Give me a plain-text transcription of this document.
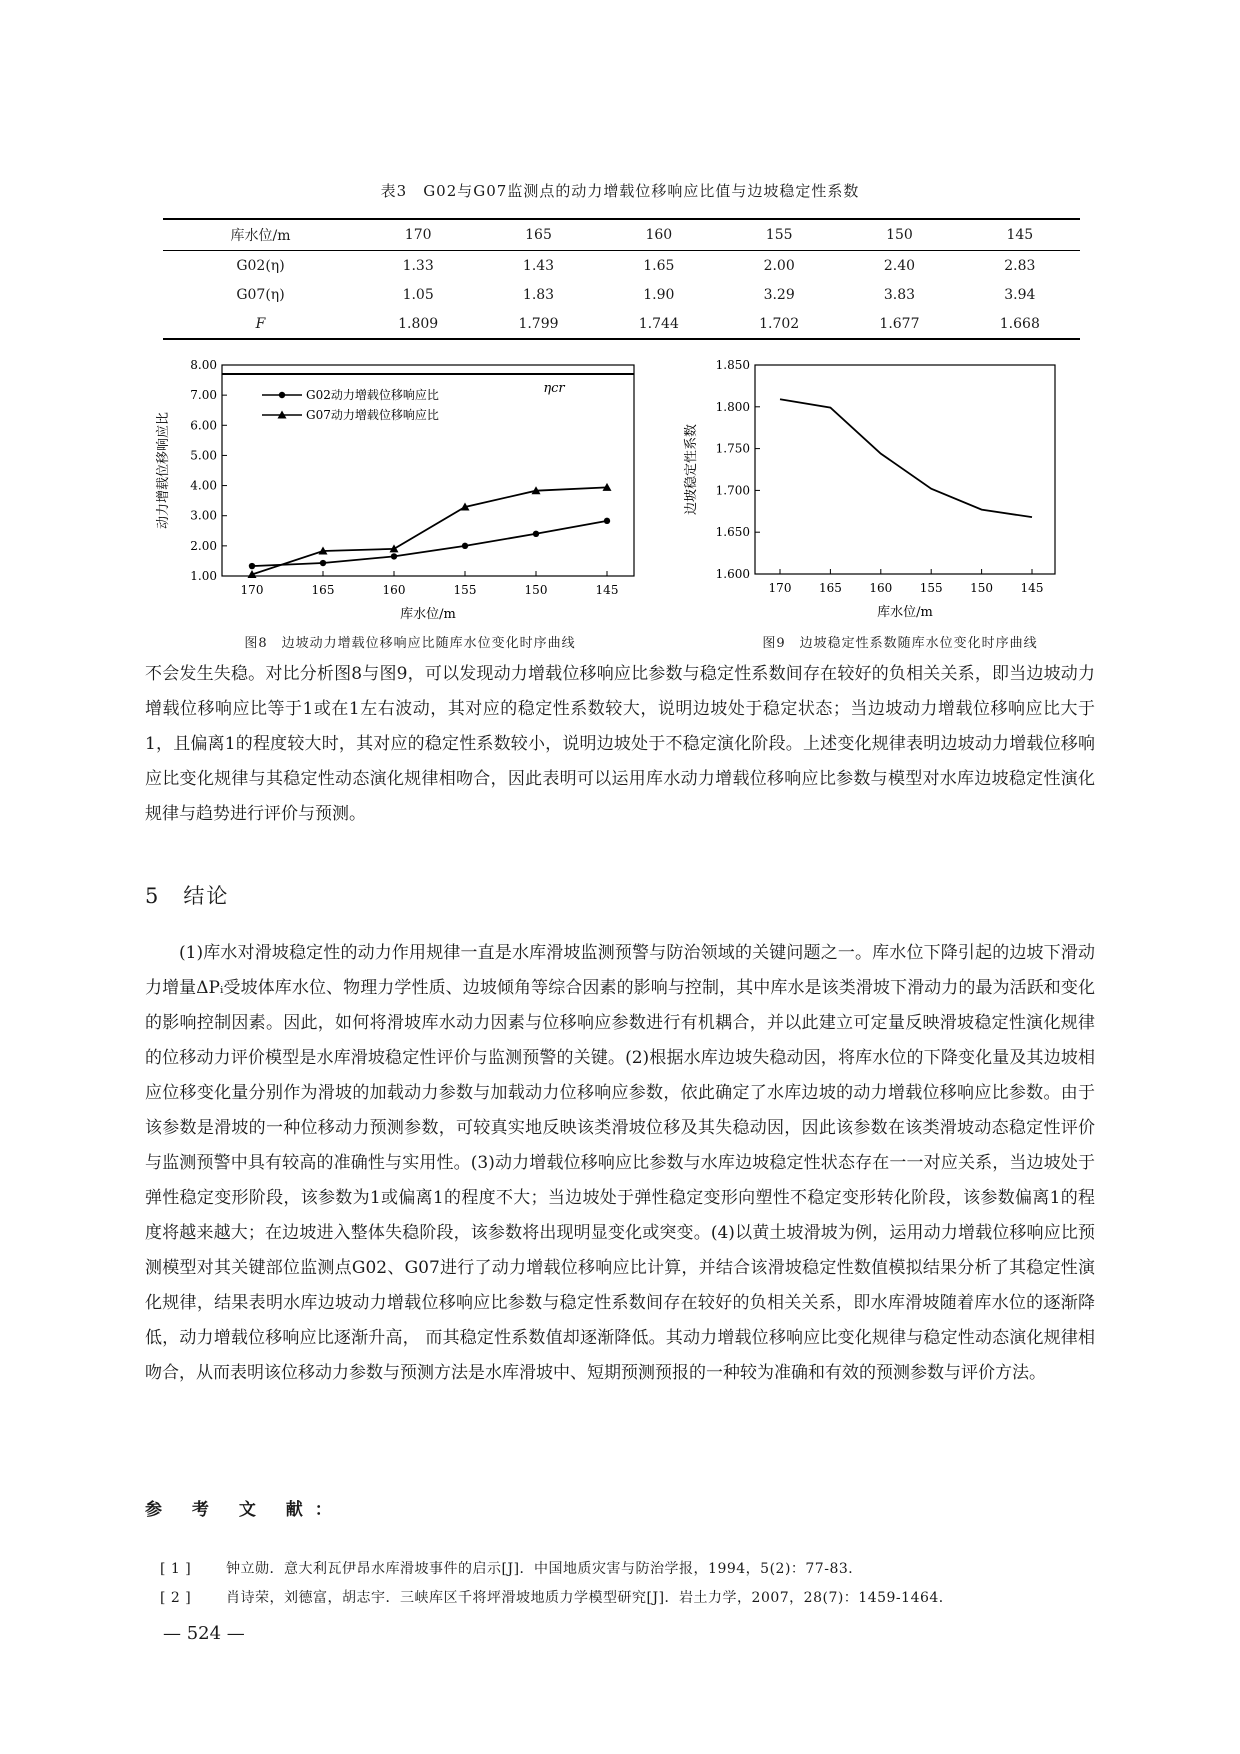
表3　G02与G07监测点的动力增载位移响应比值与边坡稳定性系数
库水位/m	170	165	160	155	150	145
G02(η)	1.33	1.43	1.65	2.00	2.40	2.83
G07(η)	1.05	1.83	1.90	3.29	3.83	3.94
F	1.809	1.799	1.744	1.702	1.677	1.668
1.00
2.00
3.00
4.00
5.00
6.00
7.00
8.00
170	165	160	155	150	145
库水位/m
动力增载位移响应比
ηcr
G02动力增载位移响应比
G07动力增载位移响应比
图8　边坡动力增载位移响应比随库水位变化时序曲线
1.600
1.650
1.700
1.750
1.800
1.850
170 165 160 155 150 145
库水位/m
边坡稳定性系数
图9　边坡稳定性系数随库水位变化时序曲线

不会发生失稳。对比分析图8与图9，可以发现动力增载位移响应比参数与稳定性系数间存在较好的负相关关系，即当边坡动力增载位移响应比等于1或在1左右波动，其对应的稳定性系数较大，说明边坡处于稳定状态；当边坡动力增载位移响应比大于1，且偏离1的程度较大时，其对应的稳定性系数较小，说明边坡处于不稳定演化阶段。上述变化规律表明边坡动力增载位移响应比变化规律与其稳定性动态演化规律相吻合，因此表明可以运用库水动力增载位移响应比参数与模型对水库边坡稳定性演化规律与趋势进行评价与预测。

5　结论

(1)库水对滑坡稳定性的动力作用规律一直是水库滑坡监测预警与防治领域的关键问题之一。库水位下降引起的边坡下滑动力增量ΔPᵢ受坡体库水位、物理力学性质、边坡倾角等综合因素的影响与控制，其中库水是该类滑坡下滑动力的最为活跃和变化的影响控制因素。因此，如何将滑坡库水动力因素与位移响应参数进行有机耦合，并以此建立可定量反映滑坡稳定性演化规律的位移动力评价模型是水库滑坡稳定性评价与监测预警的关键。(2)根据水库边坡失稳动因，将库水位的下降变化量及其边坡相应位移变化量分别作为滑坡的加载动力参数与加载动力位移响应参数，依此确定了水库边坡的动力增载位移响应比参数。由于该参数是滑坡的一种位移动力预测参数，可较真实地反映该类滑坡位移及其失稳动因，因此该参数在该类滑坡动态稳定性评价与监测预警中具有较高的准确性与实用性。(3)动力增载位移响应比参数与水库边坡稳定性状态存在一一对应关系，当边坡处于弹性稳定变形阶段，该参数为1或偏离1的程度不大；当边坡处于弹性稳定变形向塑性不稳定变形转化阶段，该参数偏离1的程度将越来越大；在边坡进入整体失稳阶段，该参数将出现明显变化或突变。(4)以黄土坡滑坡为例，运用动力增载位移响应比预测模型对其关键部位监测点G02、G07进行了动力增载位移响应比计算，并结合该滑坡稳定性数值模拟结果分析了其稳定性演化规律，结果表明水库边坡动力增载位移响应比参数与稳定性系数间存在较好的负相关关系，即水库滑坡随着库水位的逐渐降低，动力增载位移响应比逐渐升高， 而其稳定性系数值却逐渐降低。其动力增载位移响应比变化规律与稳定性动态演化规律相吻合，从而表明该位移动力参数与预测方法是水库滑坡中、短期预测预报的一种较为准确和有效的预测参数与评价方法。

参 考 文 献：
[ 1 ] 钟立勋．意大利瓦伊昂水库滑坡事件的启示[J]．中国地质灾害与防治学报，1994，5(2)：77-83．
[ 2 ] 肖诗荣，刘德富，胡志宇．三峡库区千将坪滑坡地质力学模型研究[J]．岩土力学，2007，28(7)：1459-1464．
— 524 —
